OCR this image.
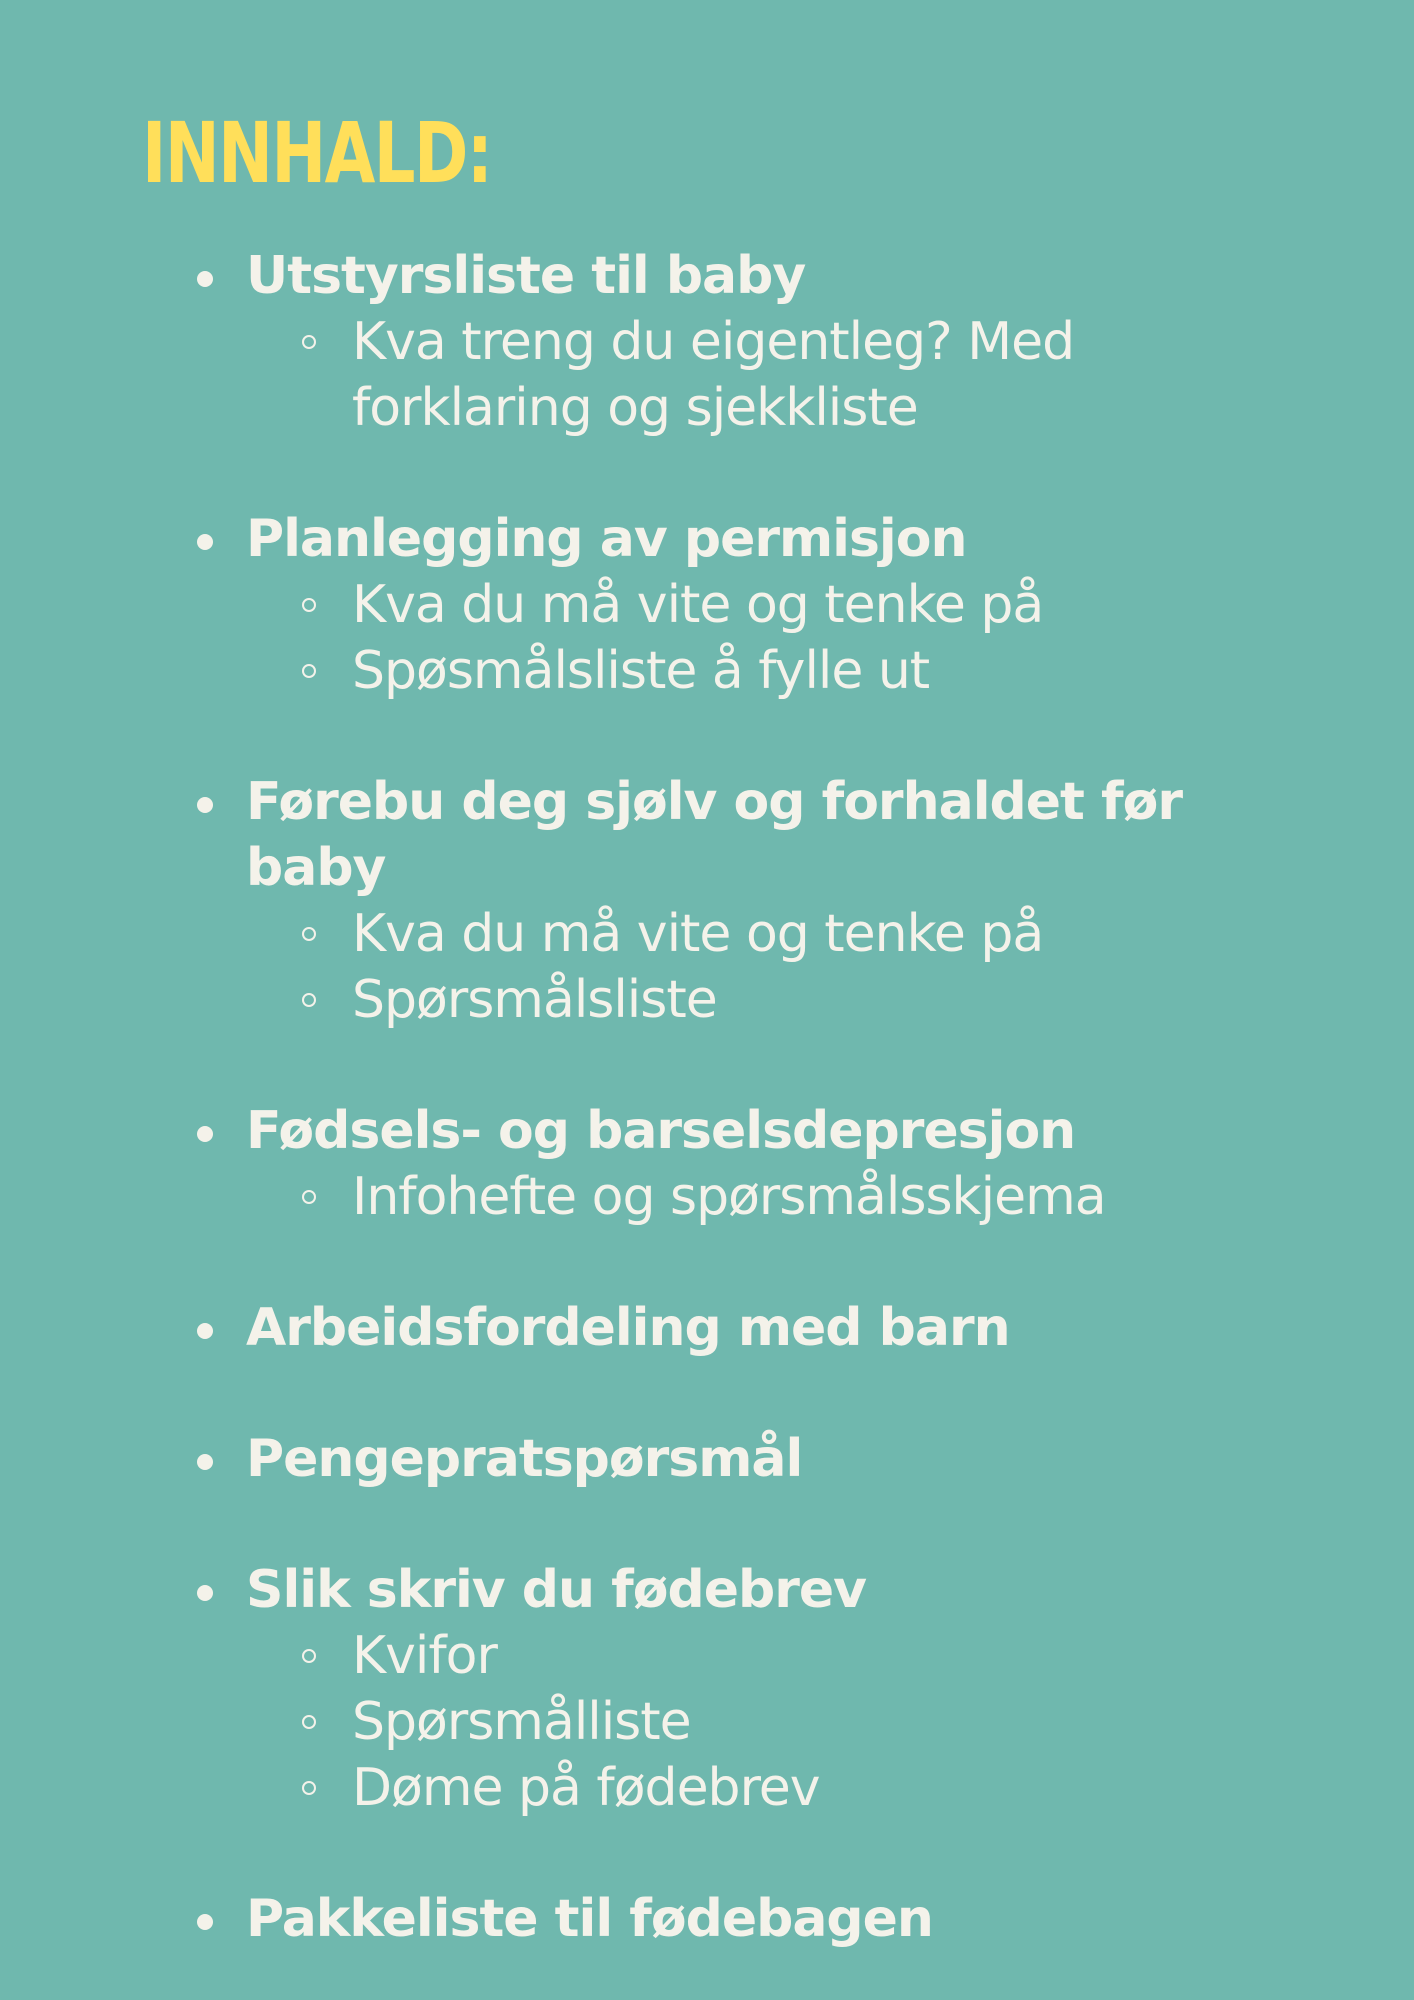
INNHALD:
Utstyrsliste til baby
Kva treng du eigentleg? Med forklaring og sjekkliste
Planlegging av permisjon
Kva du må vite og tenke på
Spøsmålsliste å fylle ut
Førebu deg sjølv og forhaldet før baby
Kva du må vite og tenke på
Spørsmålsliste
Fødsels- og barselsdepresjon
Infohefte og spørsmålsskjema
Arbeidsfordeling med barn
Pengepratspørsmål
Slik skriv du fødebrev
Kvifor
Spørsmålliste
Døme på fødebrev
Pakkeliste til fødebagen
